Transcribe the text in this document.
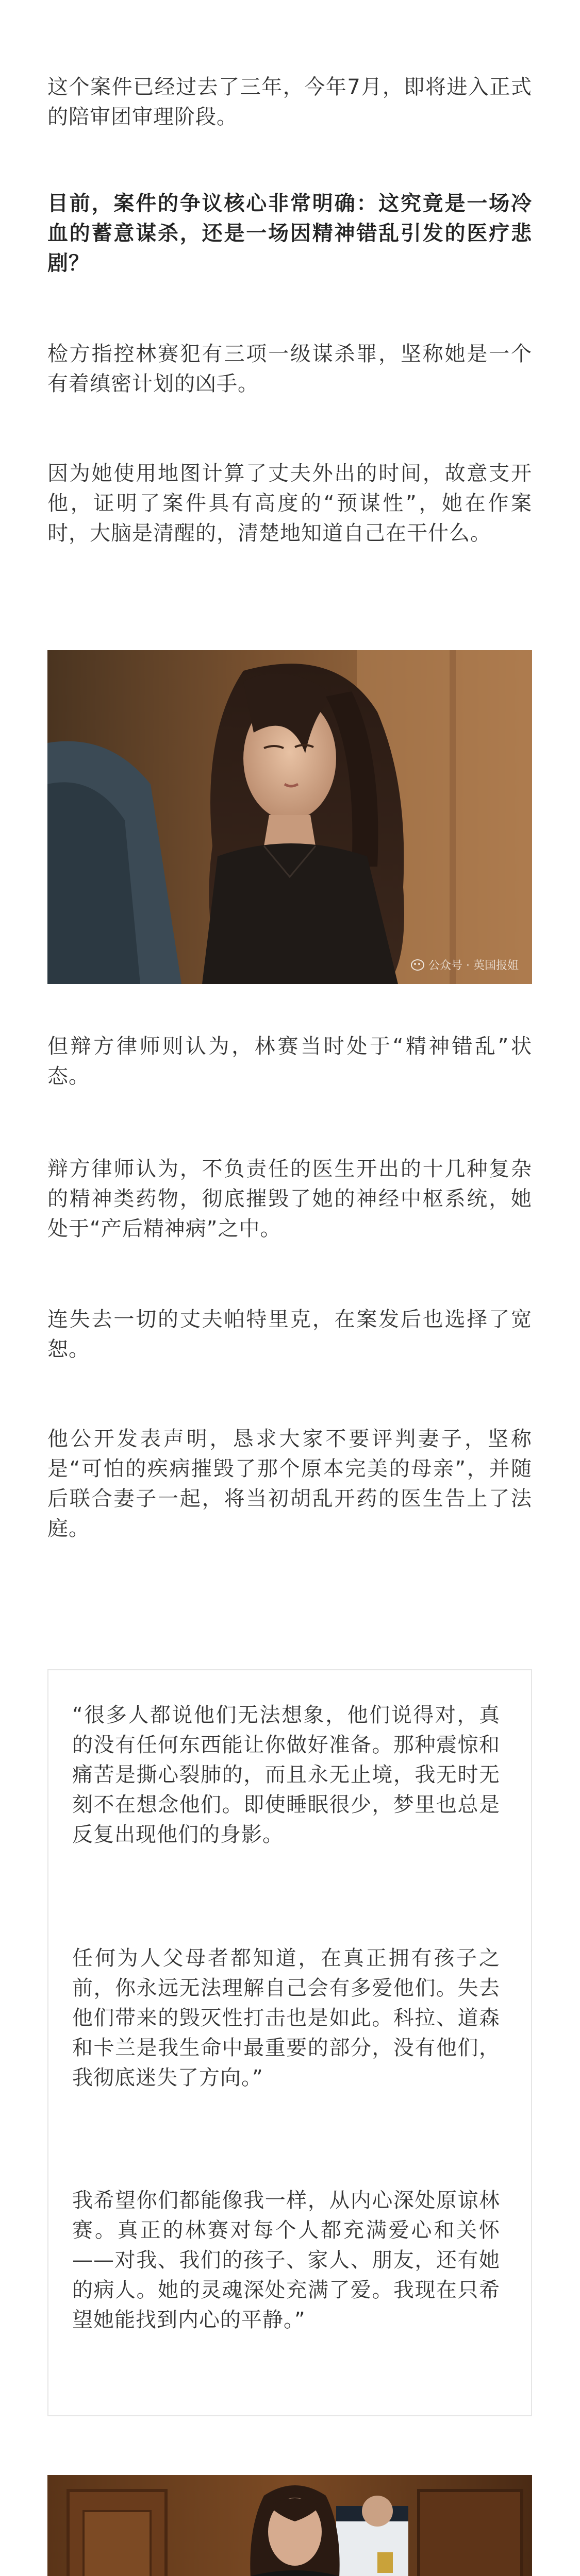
这个案件已经过去了三年，今年7月，即将进入正式的陪审团审理阶段。

目前，案件的争议核心非常明确：这究竟是一场冷血的蓄意谋杀，还是一场因精神错乱引发的医疗悲剧？

检方指控林赛犯有三项一级谋杀罪，坚称她是一个有着缜密计划的凶手。

因为她使用地图计算了丈夫外出的时间，故意支开他，证明了案件具有高度的“预谋性”，她在作案时，大脑是清醒的，清楚地知道自己在干什么。

公众号 · 英国报姐

但辩方律师则认为，林赛当时处于“精神错乱”状态。

辩方律师认为，不负责任的医生开出的十几种复杂的精神类药物，彻底摧毁了她的神经中枢系统，她处于“产后精神病”之中。

连失去一切的丈夫帕特里克，在案发后也选择了宽恕。

他公开发表声明，恳求大家不要评判妻子，坚称是“可怕的疾病摧毁了那个原本完美的母亲”，并随后联合妻子一起，将当初胡乱开药的医生告上了法庭。

“很多人都说他们无法想象，他们说得对，真的没有任何东西能让你做好准备。那种震惊和痛苦是撕心裂肺的，而且永无止境，我无时无刻不在想念他们。即使睡眠很少，梦里也总是反复出现他们的身影。

任何为人父母者都知道，在真正拥有孩子之前，你永远无法理解自己会有多爱他们。失去他们带来的毁灭性打击也是如此。科拉、道森和卡兰是我生命中最重要的部分，没有他们，我彻底迷失了方向。”

我希望你们都能像我一样，从内心深处原谅林赛。真正的林赛对每个人都充满爱心和关怀——对我、我们的孩子、家人、朋友，还有她的病人。她的灵魂深处充满了爱。我现在只希望她能找到内心的平静。”
